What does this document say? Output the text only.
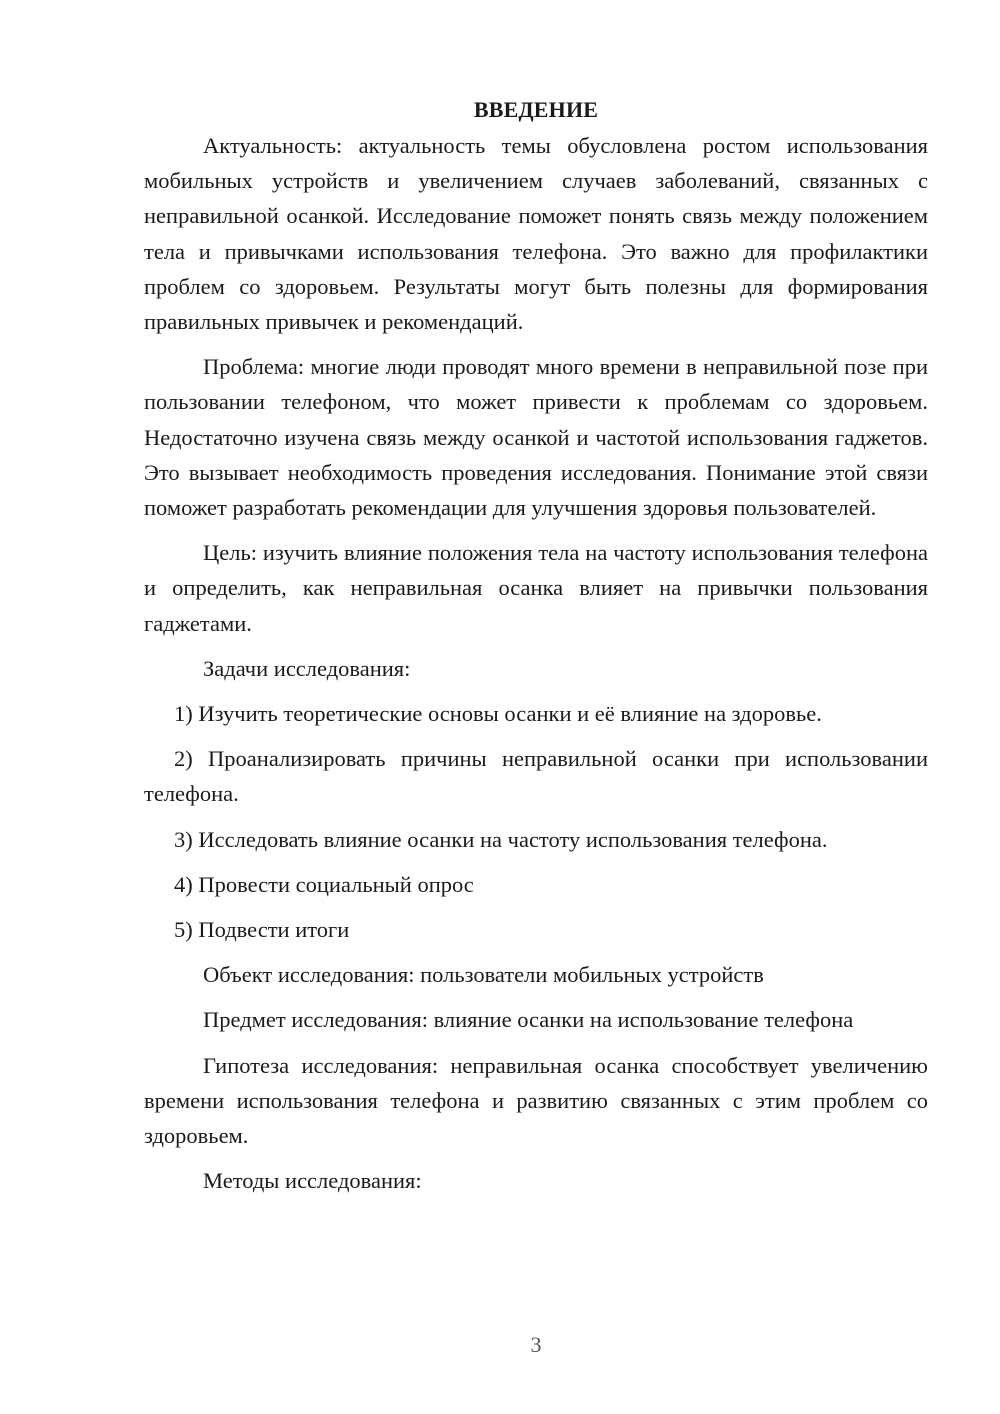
ВВЕДЕНИЕ

Актуальность: актуальность темы обусловлена ростом использования мобильных устройств и увеличением случаев заболеваний, связанных с неправильной осанкой. Исследование поможет понять связь между положением тела и привычками использования телефона. Это важно для профилактики проблем со здоровьем. Результаты могут быть полезны для формирования правильных привычек и рекомендаций.

Проблема: многие люди проводят много времени в неправильной позе при пользовании телефоном, что может привести к проблемам со здоровьем. Недостаточно изучена связь между осанкой и частотой использования гаджетов. Это вызывает необходимость проведения исследования. Понимание этой связи поможет разработать рекомендации для улучшения здоровья пользователей.

Цель: изучить влияние положения тела на частоту использования телефона и определить, как неправильная осанка влияет на привычки пользования гаджетами.

Задачи исследования:

1) Изучить теоретические основы осанки и её влияние на здоровье.

2) Проанализировать причины неправильной осанки при использовании телефона.

3) Исследовать влияние осанки на частоту использования телефона.

4) Провести социальный опрос

5) Подвести итоги

Объект исследования: пользователи мобильных устройств

Предмет исследования: влияние осанки на использование телефона

Гипотеза исследования: неправильная осанка способствует увеличению времени использования телефона и развитию связанных с этим проблем со здоровьем.

Методы исследования:

3
